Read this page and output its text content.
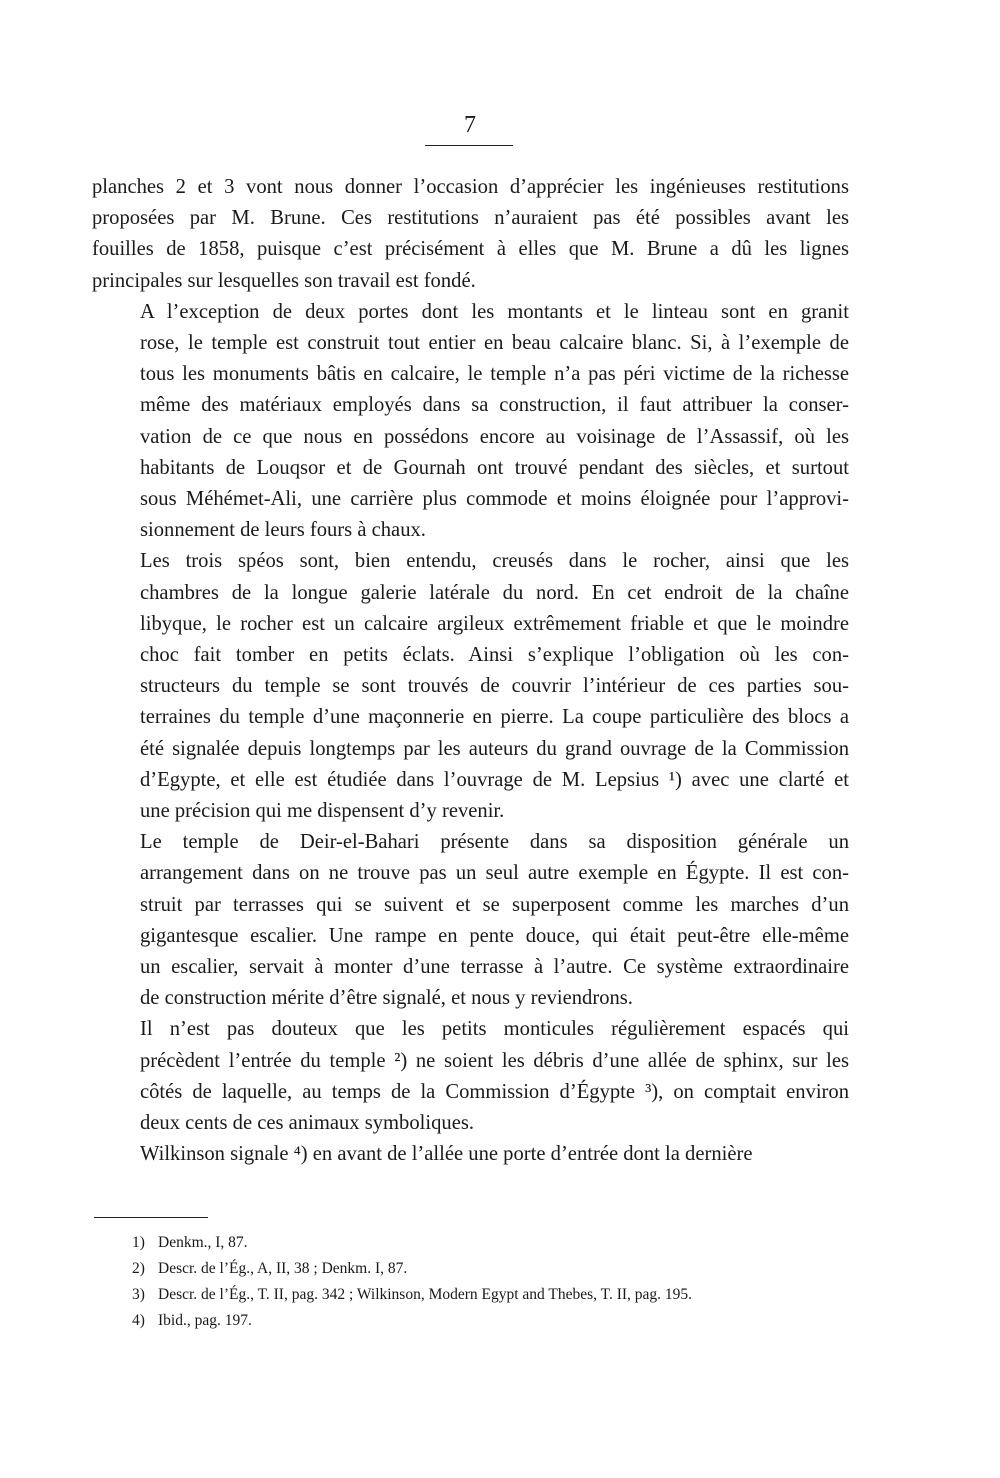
7
planches 2 et 3 vont nous donner l’occasion d’apprécier les ingénieuses restitutions
proposées par M. Brune. Ces restitutions n’auraient pas été possibles avant les
fouilles de 1858, puisque c’est précisément à elles que M. Brune a dû les lignes
principales sur lesquelles son travail est fondé.
A l’exception de deux portes dont les montants et le linteau sont en granit
rose, le temple est construit tout entier en beau calcaire blanc. Si, à l’exemple de
tous les monuments bâtis en calcaire, le temple n’a pas péri victime de la richesse
même des matériaux employés dans sa construction, il faut attribuer la conser-
vation de ce que nous en possédons encore au voisinage de l’Assassif, où les
habitants de Louqsor et de Gournah ont trouvé pendant des siècles, et surtout
sous Méhémet-Ali, une carrière plus commode et moins éloignée pour l’approvi-
sionnement de leurs fours à chaux.
Les trois spéos sont, bien entendu, creusés dans le rocher, ainsi que les
chambres de la longue galerie latérale du nord. En cet endroit de la chaîne
libyque, le rocher est un calcaire argileux extrêmement friable et que le moindre
choc fait tomber en petits éclats. Ainsi s’explique l’obligation où les con-
structeurs du temple se sont trouvés de couvrir l’intérieur de ces parties sou-
terraines du temple d’une maçonnerie en pierre. La coupe particulière des blocs a
été signalée depuis longtemps par les auteurs du grand ouvrage de la Commission
d’Egypte, et elle est étudiée dans l’ouvrage de M. Lepsius ¹) avec une clarté et
une précision qui me dispensent d’y revenir.
Le temple de Deir-el-Bahari présente dans sa disposition générale un
arrangement dans on ne trouve pas un seul autre exemple en Égypte. Il est con-
struit par terrasses qui se suivent et se superposent comme les marches d’un
gigantesque escalier. Une rampe en pente douce, qui était peut-être elle-même
un escalier, servait à monter d’une terrasse à l’autre. Ce système extraordinaire
de construction mérite d’être signalé, et nous y reviendrons.
Il n’est pas douteux que les petits monticules régulièrement espacés qui
précèdent l’entrée du temple ²) ne soient les débris d’une allée de sphinx, sur les
côtés de laquelle, au temps de la Commission d’Égypte ³), on comptait environ
deux cents de ces animaux symboliques.
Wilkinson signale ⁴) en avant de l’allée une porte d’entrée dont la dernière
1) Denkm., I, 87.
2) Descr. de l’Ég., A, II, 38 ; Denkm. I, 87.
3) Descr. de l’Ég., T. II, pag. 342 ; Wilkinson, Modern Egypt and Thebes, T. II, pag. 195.
4) Ibid., pag. 197.
